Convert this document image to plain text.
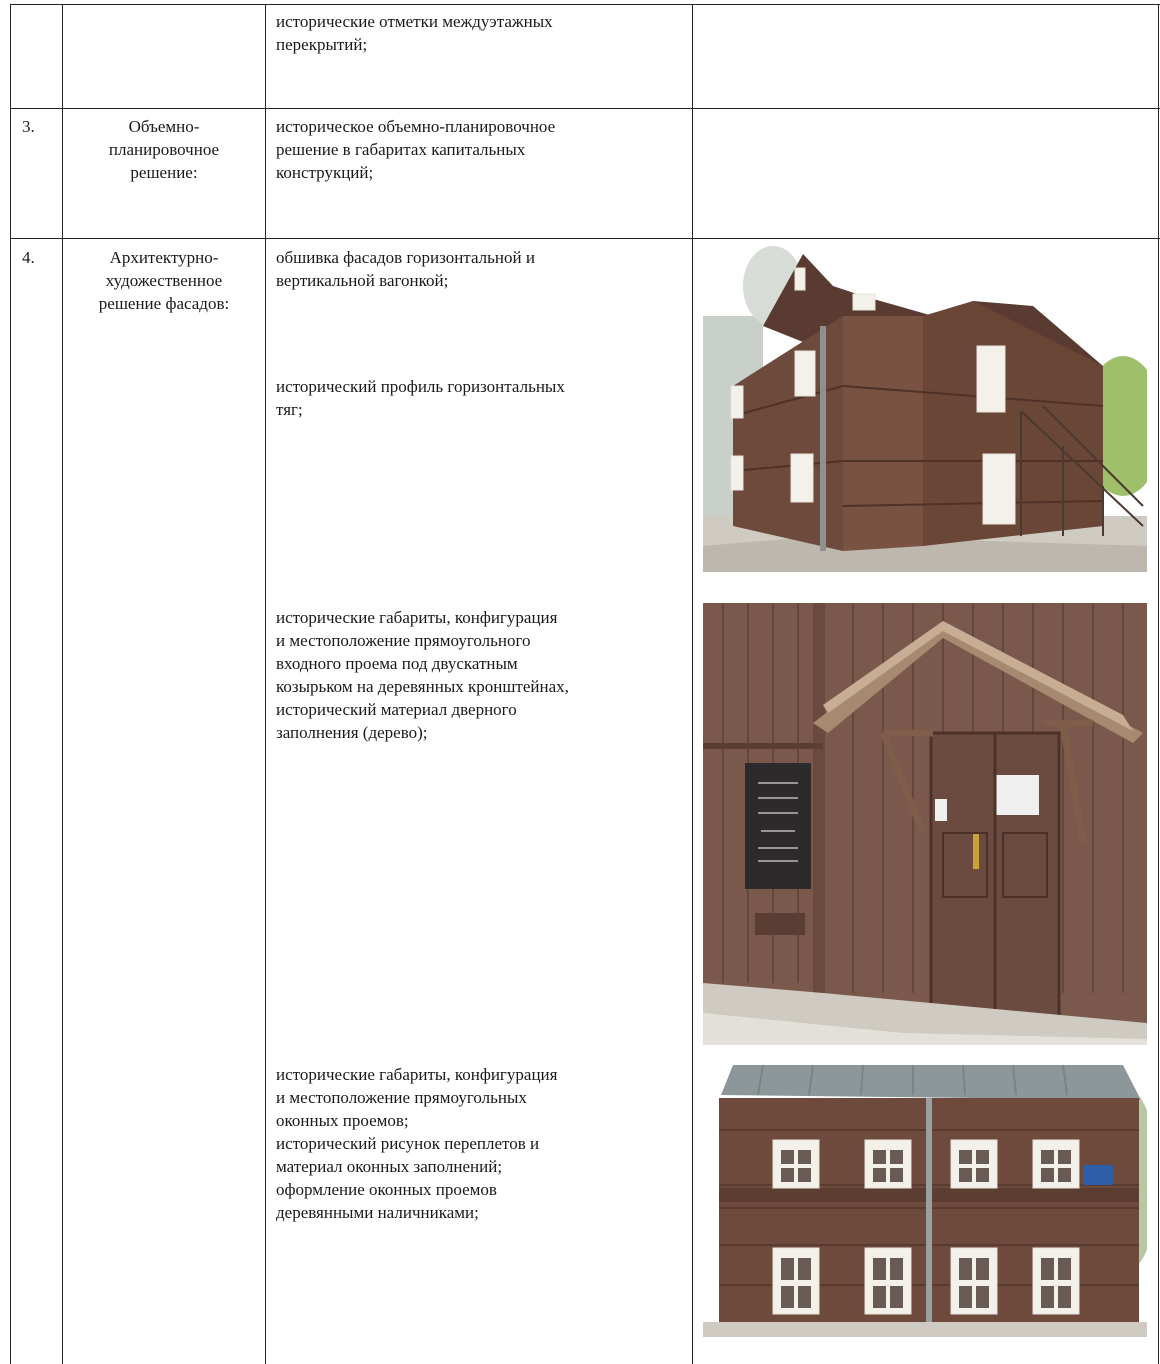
исторические отметки междуэтажных
перекрытий;
3.	Объемно-
планировочное
решение:
историческое объемно-планировочное
решение в габаритах капитальных
конструкций;
4.	Архитектурно-
художественное
решение фасадов:
обшивка фасадов горизонтальной и
вертикальной вагонкой;
исторический профиль горизонтальных
тяг;
исторические габариты, конфигурация
и местоположение прямоугольного
входного проема под двускатным
козырьком на деревянных кронштейнах,
исторический материал дверного
заполнения (дерево);
исторические габариты, конфигурация
и местоположение прямоугольных
оконных проемов;
исторический рисунок переплетов и
материал оконных заполнений;
оформление оконных проемов
деревянными наличниками;
